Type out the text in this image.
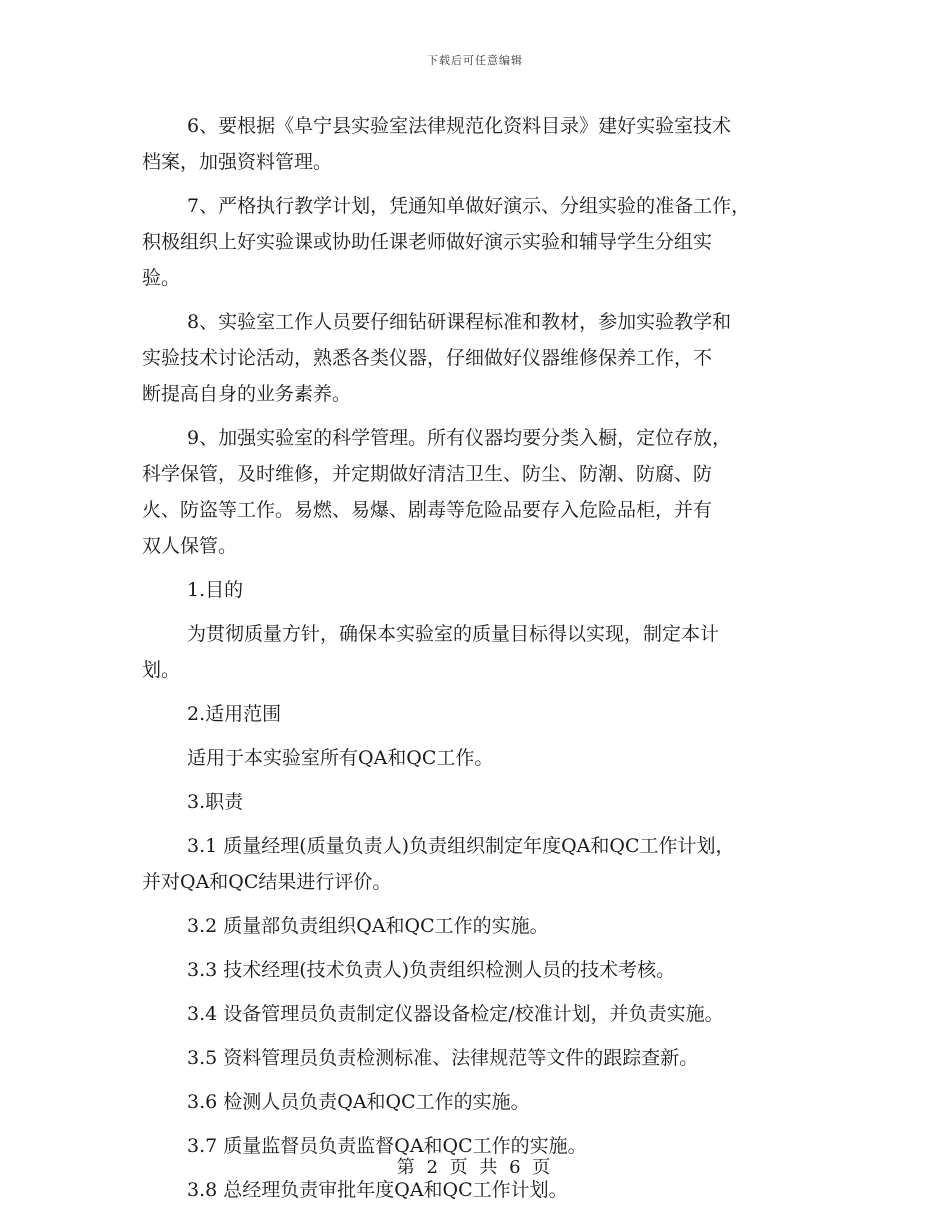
下载后可任意编辑

6、要根据《阜宁县实验室法律规范化资料目录》建好实验室技术
档案，加强资料管理。

7、严格执行教学计划，凭通知单做好演示、分组实验的准备工作，
积极组织上好实验课或协助任课老师做好演示实验和辅导学生分组实
验。

8、实验室工作人员要仔细钻研课程标准和教材，参加实验教学和
实验技术讨论活动，熟悉各类仪器，仔细做好仪器维修保养工作，不
断提高自身的业务素养。

9、加强实验室的科学管理。所有仪器均要分类入橱，定位存放，
科学保管，及时维修，并定期做好清洁卫生、防尘、防潮、防腐、防
火、防盗等工作。易燃、易爆、剧毒等危险品要存入危险品柜，并有
双人保管。

1.目的

为贯彻质量方针，确保本实验室的质量目标得以实现，制定本计
划。

2.适用范围

适用于本实验室所有QA和QC工作。

3.职责

3.1 质量经理(质量负责人)负责组织制定年度QA和QC工作计划，
并对QA和QC结果进行评价。

3.2 质量部负责组织QA和QC工作的实施。

3.3 技术经理(技术负责人)负责组织检测人员的技术考核。

3.4 设备管理员负责制定仪器设备检定/校准计划，并负责实施。

3.5 资料管理员负责检测标准、法律规范等文件的跟踪查新。

3.6 检测人员负责QA和QC工作的实施。

3.7 质量监督员负责监督QA和QC工作的实施。

3.8 总经理负责审批年度QA和QC工作计划。

第 2 页 共 6 页
